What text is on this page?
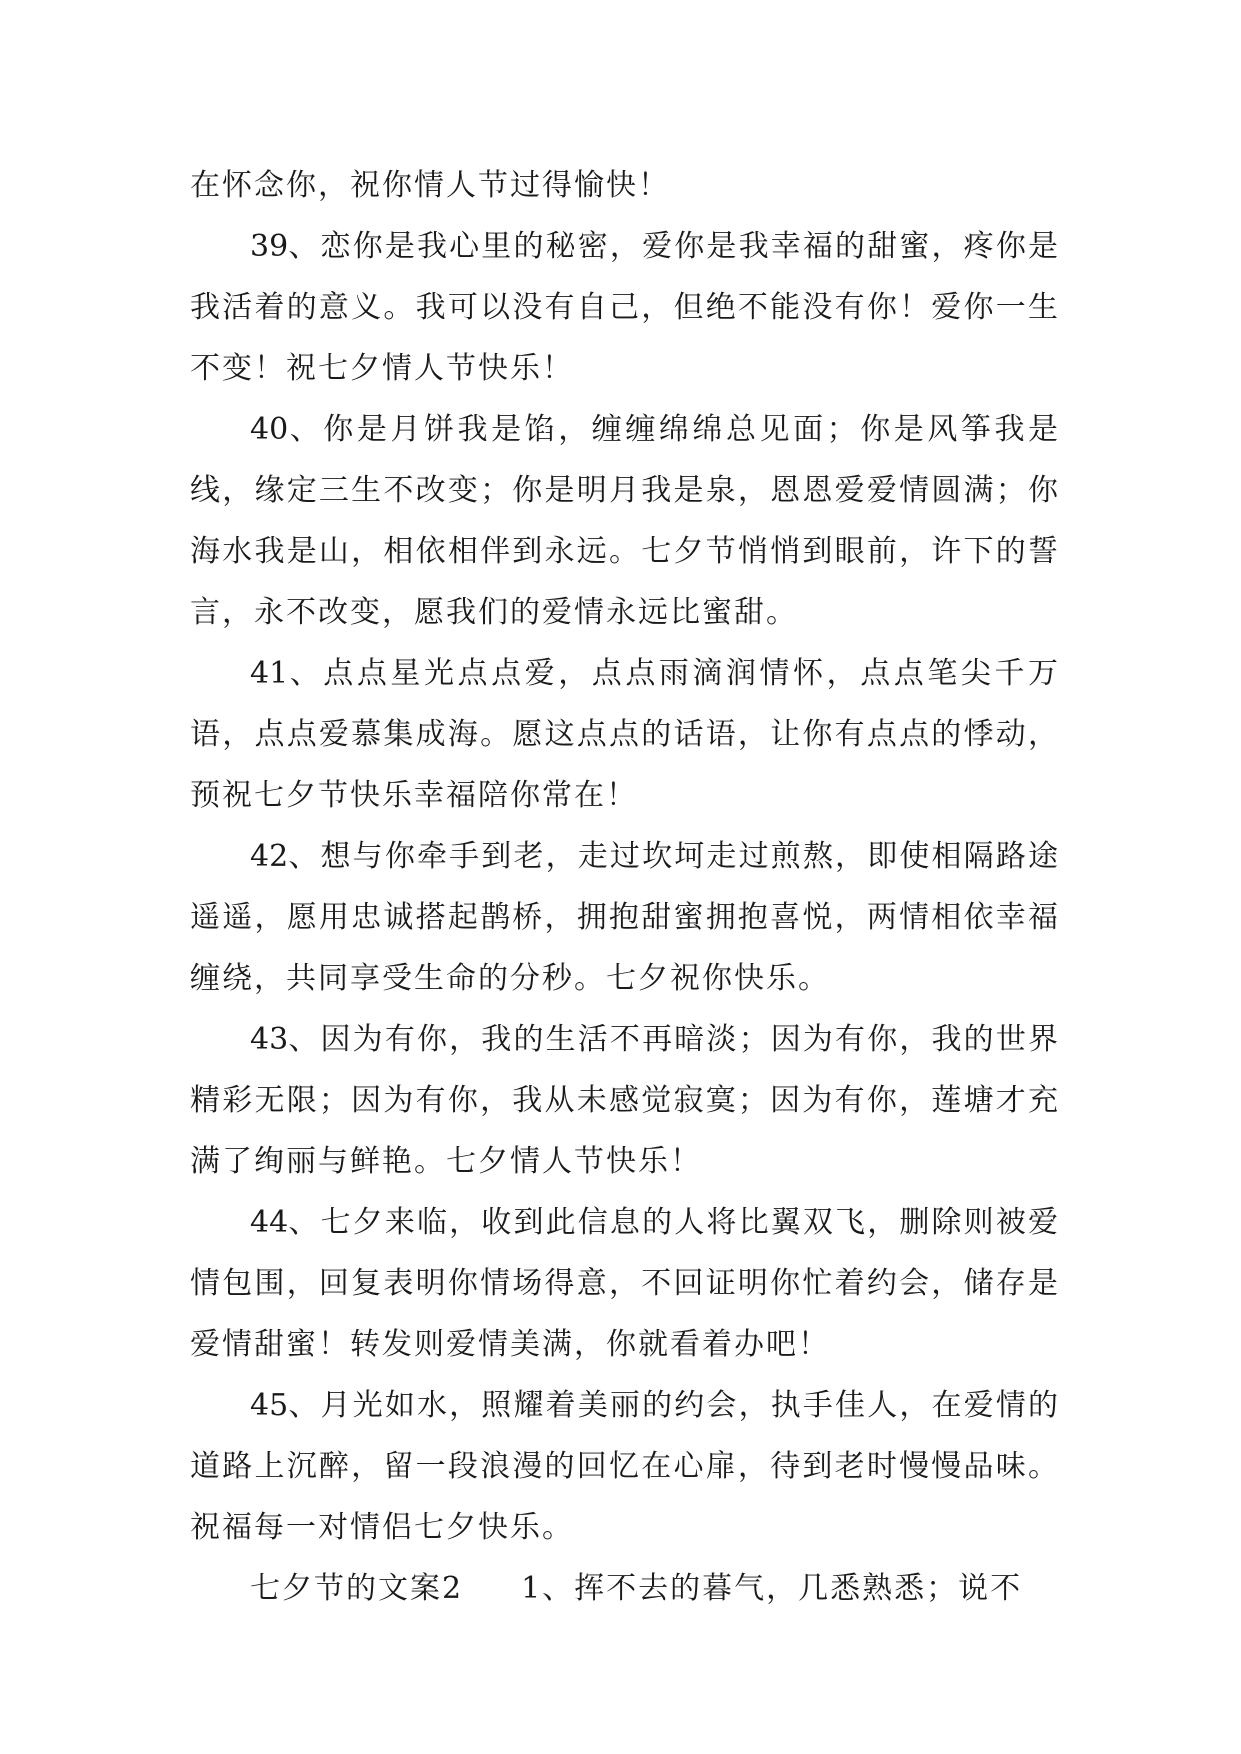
在怀念你，祝你情人节过得愉快！

39、恋你是我心里的秘密，爱你是我幸福的甜蜜，疼你是我活着的意义。我可以没有自己，但绝不能没有你！爱你一生不变！祝七夕情人节快乐！

40、你是月饼我是馅，缠缠绵绵总见面；你是风筝我是线，缘定三生不改变；你是明月我是泉，恩恩爱爱情圆满；你海水我是山，相依相伴到永远。七夕节悄悄到眼前，许下的誓言，永不改变，愿我们的爱情永远比蜜甜。

41、点点星光点点爱，点点雨滴润情怀，点点笔尖千万语，点点爱慕集成海。愿这点点的话语，让你有点点的悸动，预祝七夕节快乐幸福陪你常在！

42、想与你牵手到老，走过坎坷走过煎熬，即使相隔路途遥遥，愿用忠诚搭起鹊桥，拥抱甜蜜拥抱喜悦，两情相依幸福缠绕，共同享受生命的分秒。七夕祝你快乐。

43、因为有你，我的生活不再暗淡；因为有你，我的世界精彩无限；因为有你，我从未感觉寂寞；因为有你，莲塘才充满了绚丽与鲜艳。七夕情人节快乐！

44、七夕来临，收到此信息的人将比翼双飞，删除则被爱情包围，回复表明你情场得意，不回证明你忙着约会，储存是爱情甜蜜！转发则爱情美满，你就看着办吧！

45、月光如水，照耀着美丽的约会，执手佳人，在爱情的道路上沉醉，留一段浪漫的回忆在心扉，待到老时慢慢品味。祝福每一对情侣七夕快乐。

七夕节的文案2 1、挥不去的暮气，几悉熟悉；说不
